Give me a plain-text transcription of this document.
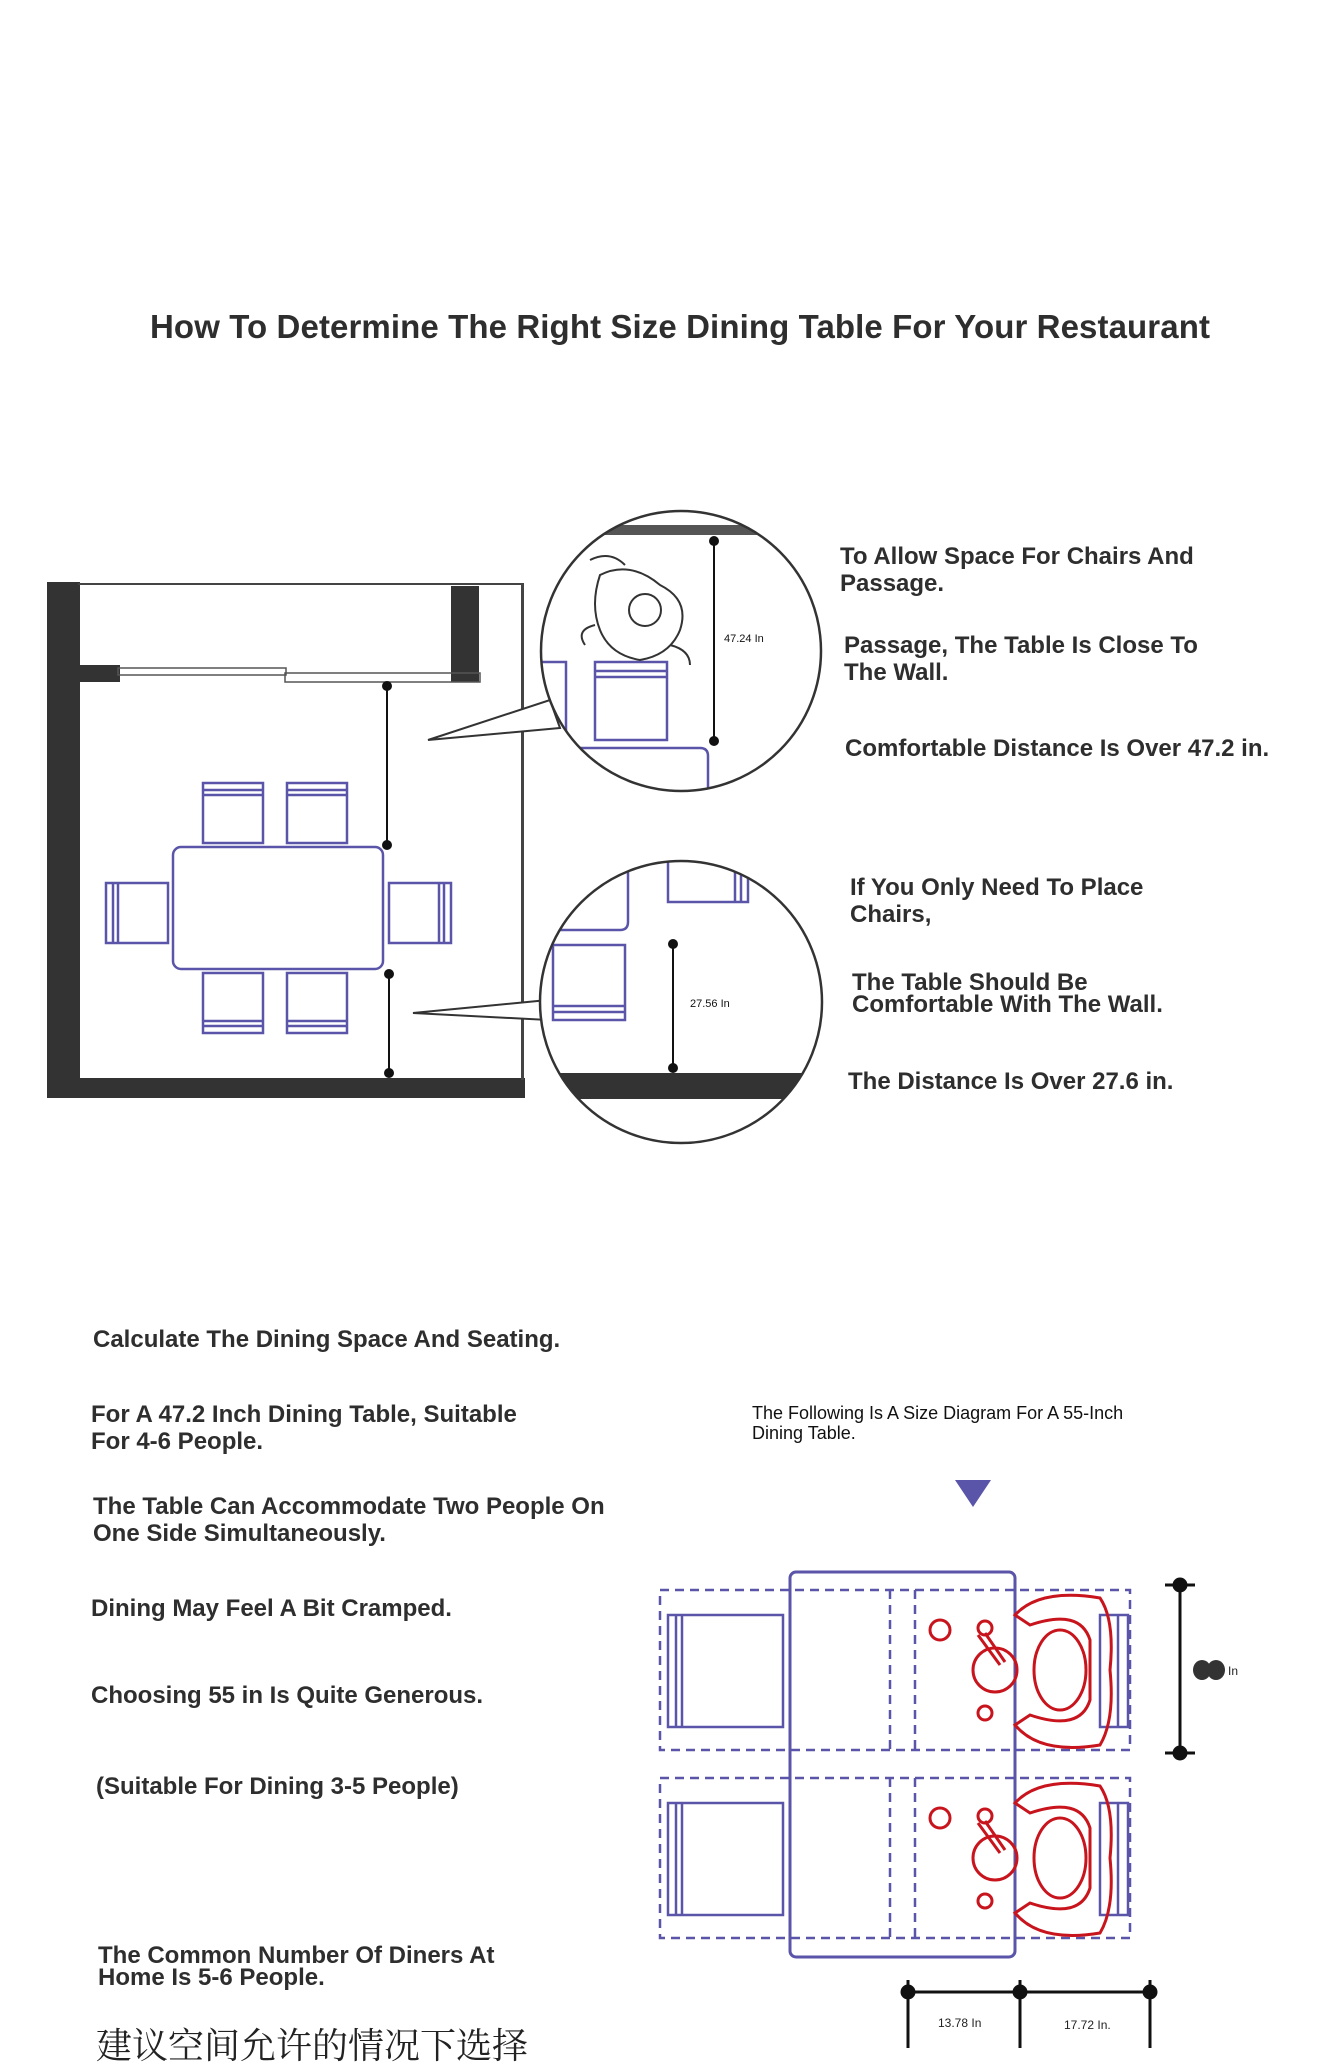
How To Determine The Right Size Dining Table For Your Restaurant
47.24 In
27.56 In
To Allow Space For Chairs And
Passage.
Passage, The Table Is Close To
The Wall.
Comfortable Distance Is Over 47.2 in.
If You Only Need To Place
Chairs,
The Table Should Be
Comfortable With The Wall.
The Distance Is Over 27.6 in.
Calculate The Dining Space And Seating.
For A 47.2 Inch Dining Table, Suitable
For 4-6 People.
The Table Can Accommodate Two People On
One Side Simultaneously.
Dining May Feel A Bit Cramped.
Choosing 55 in Is Quite Generous.
(Suitable For Dining 3-5 People)
The Common Number Of Diners At
Home Is 5-6 People.
建议空间允许的情况下选择
The Following Is A Size Diagram For A 55-Inch
Dining Table.
In
13.78 In	17.72 In.
